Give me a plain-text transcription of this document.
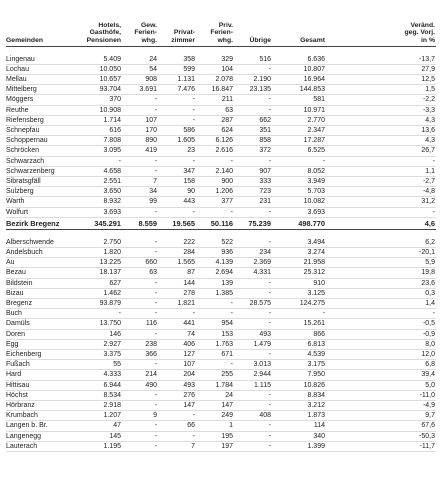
Gemeinden	Hotels,
Gasthöfe,
Pensionen	Gew.
Ferien-
whg.	Privat-
zimmer	Priv.
Ferien-
whg.	Übrige	Gesamt	Veränd.
geg. Vorj.
in %

Lingenau	5.409	24	358	329	516	6.636	-13,7
Lochau	10.050	54	599	104	-	10.807	27,9
Mellau	10.657	908	1.131	2.078	2.190	16.964	12,5
Mittelberg	93.704	3.691	7.476	16.847	23.135	144.853	1,5
Möggers	370	-	-	211	-	581	-2,2
Reuthe	10.908	-	-	63	-	10.971	-3,3
Riefensberg	1.714	107	-	287	662	2.770	4,3
Schnepfau	616	170	586	624	351	2.347	13,6
Schoppernau	7.808	890	1.605	6.126	858	17.287	4,3
Schröcken	3.095	419	23	2.616	372	6.525	26,7
Schwarzach	-	-	-	-	-	-	-
Schwarzenberg	4.658	-	347	2.140	907	8.052	1,1
Sibratsgfäll	2.551	7	158	900	333	3.949	-2,7
Sulzberg	3.650	34	90	1.206	723	5.703	-4,8
Warth	8.932	99	443	377	231	10.082	31,2
Wolfurt	3.693	-	-	-	-	3.693	-
Bezirk Bregenz	345.291	8.559	19.565	50.116	75.239	498.770	4,6

Alberschwende	2.750	-	222	522	-	3.494	6,2
Andelsbuch	1.820	-	284	936	234	3.274	-20,1
Au	13.225	660	1.565	4.139	2.369	21.958	5,9
Bezau	18.137	63	87	2.694	4.331	25.312	19,8
Bildstein	627	-	144	139	-	910	23,6
Bizau	1.462	-	278	1.385	-	3.125	0,3
Bregenz	93.879	-	1.821	-	28.575	124.275	1,4
Buch	-	-	-	-	-	-	-
Damüls	13.750	116	441	954	-	15.261	-0,5
Doren	146	-	74	153	493	866	-0,9
Egg	2.927	238	406	1.763	1.479	6.813	8,0
Eichenberg	3.375	366	127	671	-	4.539	12,0
Fußach	55	-	107	-	3.013	3.175	6,8
Hard	4.333	214	204	255	2.944	7.950	39,4
Hittisau	6.944	490	493	1.784	1.115	10.826	5,0
Höchst	8.534	-	276	24	-	8.834	-11,0
Hörbranz	2.918	-	147	147	-	3.212	-4,9
Krumbach	1.207	9	-	249	408	1.873	9,7
Langen b. Br.	47	-	66	1	-	114	67,6
Langenegg	145	-	-	195	-	340	-50,3
Lauterach	1.195	-	7	197	-	1.399	-11,7
